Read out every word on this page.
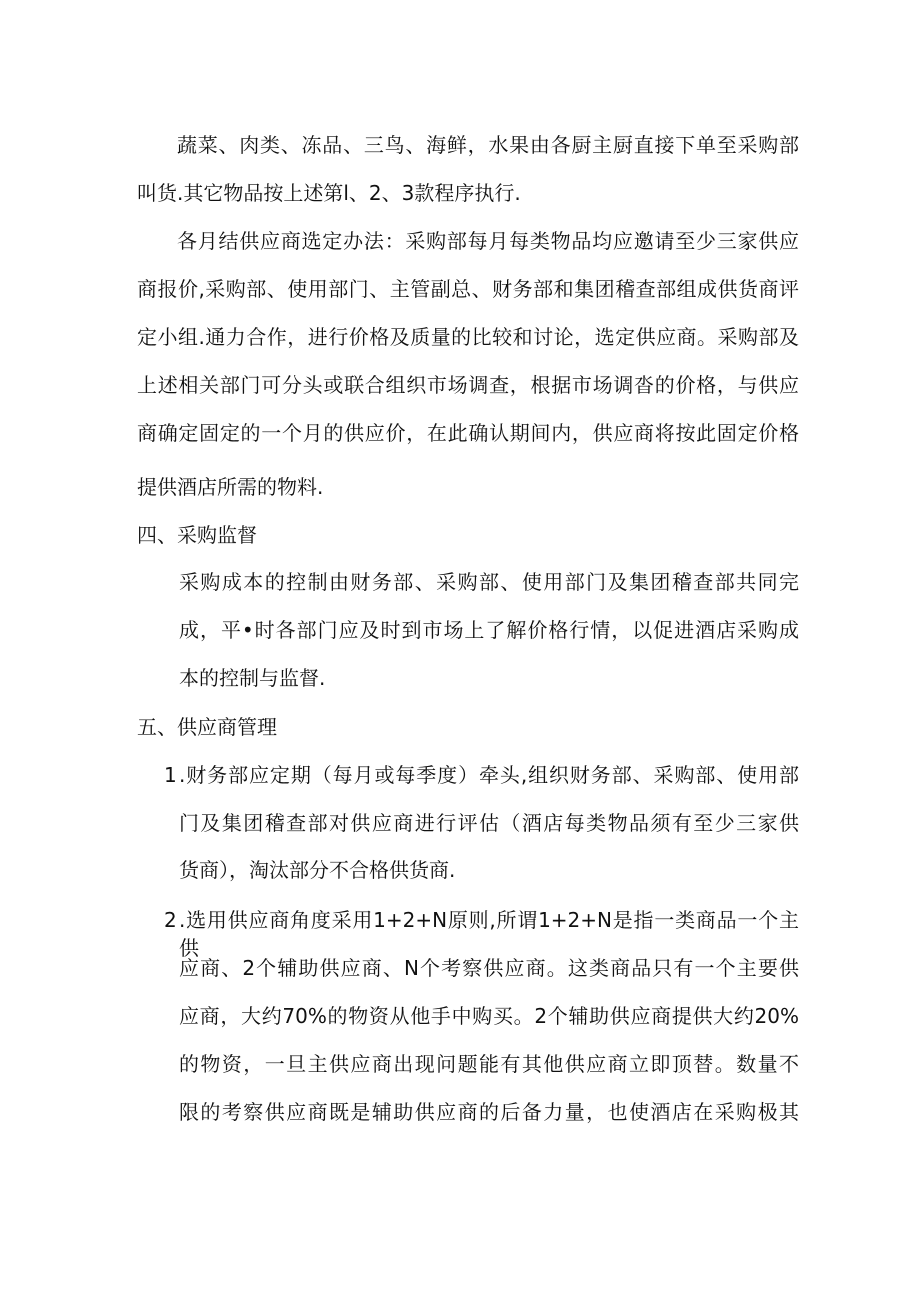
蔬菜、肉类、冻品、三鸟、海鲜，水果由各厨主厨直接下单至采购部
叫货.其它物品按上述第l、2、3款程序执行.
各月结供应商选定办法：采购部每月每类物品均应邀请至少三家供应
商报价,采购部、使用部门、主管副总、财务部和集团稽查部组成供货商评
定小组.通力合作，进行价格及质量的比较和讨论，选定供应商。采购部及
上述相关部门可分头或联合组织市场调查，根据市场调沓的价格，与供应
商确定固定的一个月的供应价，在此确认期间内，供应商将按此固定价格
提供酒店所需的物料.
四、采购监督
采购成本的控制由财务部、采购部、使用部门及集团稽查部共同完
成，平•时各部门应及时到市场上了解价格行情，以促进酒店采购成
本的控制与监督.
五、供应商管理
1 .财务部应定期（每月或每季度）牵头,组织财务部、采购部、使用部
门及集团稽查部对供应商进行评估（酒店每类物品须有至少三家供
货商），淘汰部分不合格供货商.
2 .选用供应商角度采用1+2+N原则,所谓1+2+N是指一类商品一个主供
应商、2个辅助供应商、N个考察供应商。这类商品只有一个主要供
应商，大约70%的物资从他手中购买。2个辅助供应商提供大约20%
的物资，一旦主供应商出现问题能有其他供应商立即顶替。数量不
限的考察供应商既是辅助供应商的后备力量，也使酒店在采购极其
